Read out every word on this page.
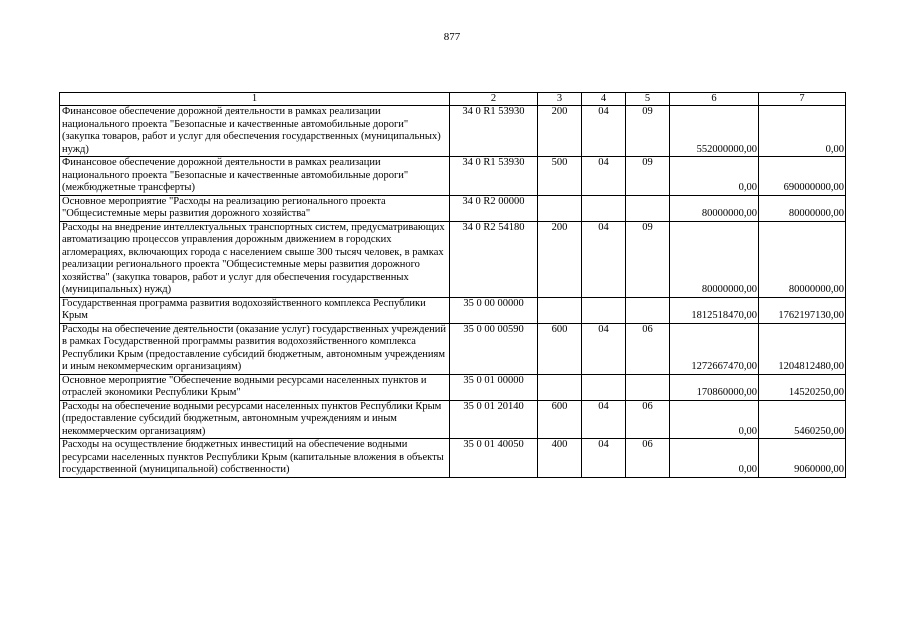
877
1	2	3	4	5	6	7
Финансовое обеспечение дорожной деятельности в рамках реализации национального проекта "Безопасные и качественные автомобильные дороги" (закупка товаров, работ и услуг для обеспечения государственных (муниципальных) нужд)	34 0 R1 53930	200	04	09	552000000,00	0,00
Финансовое обеспечение дорожной деятельности в рамках реализации национального проекта "Безопасные и качественные автомобильные дороги" (межбюджетные трансферты)	34 0 R1 53930	500	04	09	0,00	690000000,00
Основное мероприятие "Расходы на реализацию регионального проекта "Общесистемные меры развития дорожного хозяйства"	34 0 R2 00000				80000000,00	80000000,00
Расходы на внедрение интеллектуальных транспортных систем, предусматривающих автоматизацию процессов управления дорожным движением в городских агломерациях, включающих города с населением свыше 300 тысяч человек, в рамках реализации регионального проекта "Общесистемные меры развития дорожного хозяйства" (закупка товаров, работ и услуг для обеспечения государственных (муниципальных) нужд)	34 0 R2 54180	200	04	09	80000000,00	80000000,00
Государственная программа развития водохозяйственного комплекса Республики Крым	35 0 00 00000				1812518470,00	1762197130,00
Расходы на обеспечение деятельности (оказание услуг) государственных учреждений в рамках Государственной программы развития водохозяйственного комплекса Республики Крым (предоставление субсидий бюджетным, автономным учреждениям и иным некоммерческим организациям)	35 0 00 00590	600	04	06	1272667470,00	1204812480,00
Основное мероприятие "Обеспечение водными ресурсами населенных пунктов и отраслей экономики Республики Крым"	35 0 01 00000				170860000,00	14520250,00
Расходы на обеспечение водными ресурсами населенных пунктов Республики Крым (предоставление субсидий бюджетным, автономным учреждениям и иным некоммерческим организациям)	35 0 01 20140	600	04	06	0,00	5460250,00
Расходы на осуществление бюджетных инвестиций на обеспечение водными ресурсами населенных пунктов Республики Крым (капитальные вложения в объекты государственной (муниципальной) собственности)	35 0 01 40050	400	04	06	0,00	9060000,00
